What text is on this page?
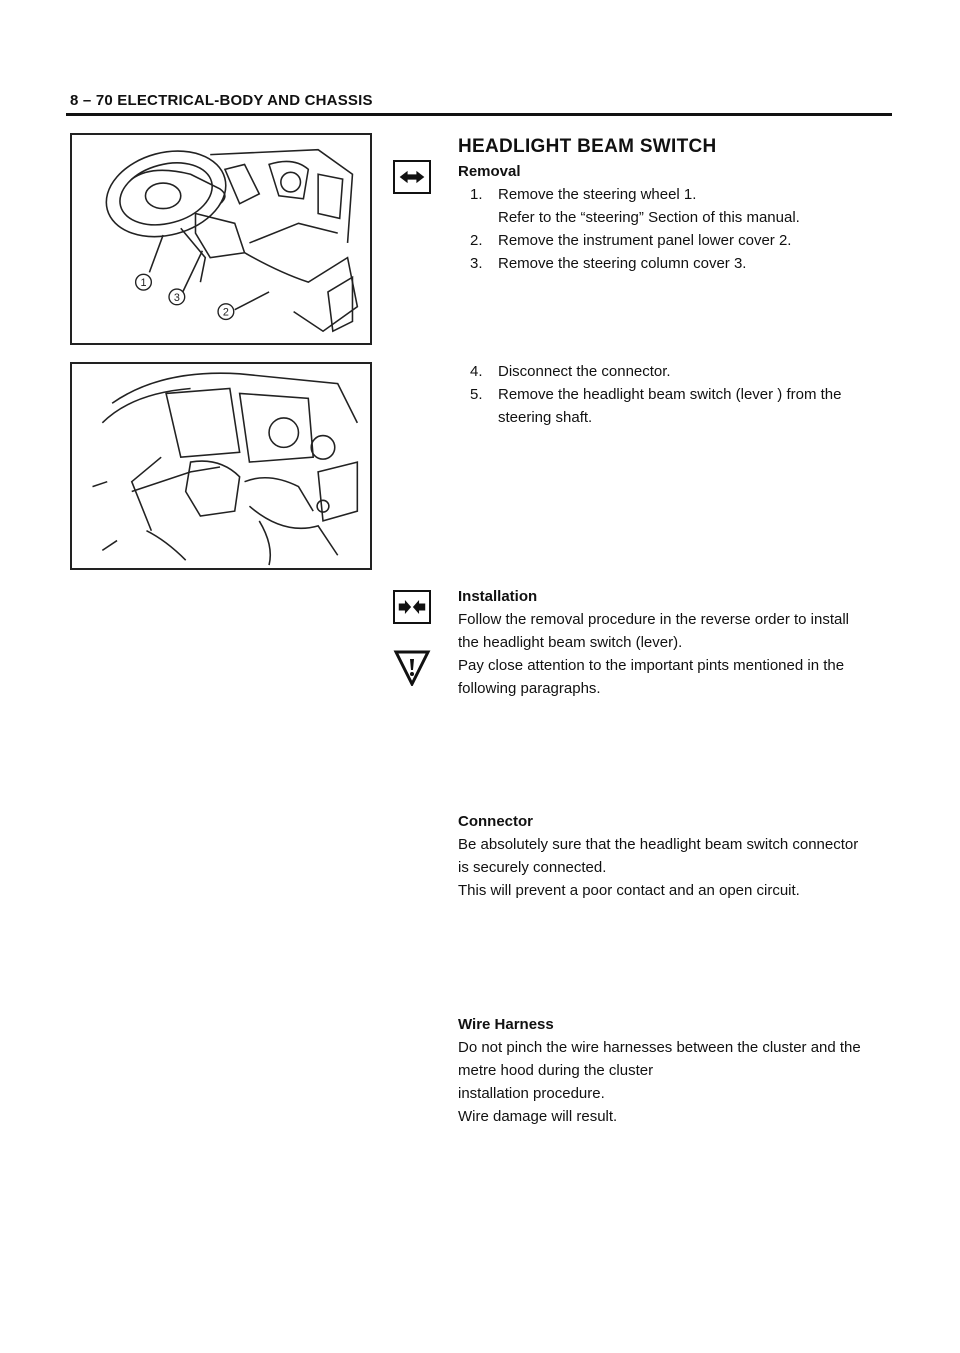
8 – 70 ELECTRICAL-BODY AND CHASSIS
1
3
2
HEADLIGHT BEAM SWITCH

Removal

1. Remove the steering wheel 1.
Refer to the “steering” Section of this manual.
2. Remove the instrument panel lower cover 2.
3. Remove the steering column cover 3.
4. Disconnect the connector.
5. Remove the headlight beam switch (lever ) from the
steering shaft.

Installation

Follow the removal procedure in the reverse order to install

the headlight beam switch (lever).

Pay close attention to the important pints mentioned in the

following paragraphs.

Connector

Be absolutely sure that the headlight beam switch connector

is securely connected.

This will prevent a poor contact and an open circuit.

Wire Harness

Do not pinch the wire harnesses between the cluster and the

metre hood during the cluster

installation procedure.

Wire damage will result.
